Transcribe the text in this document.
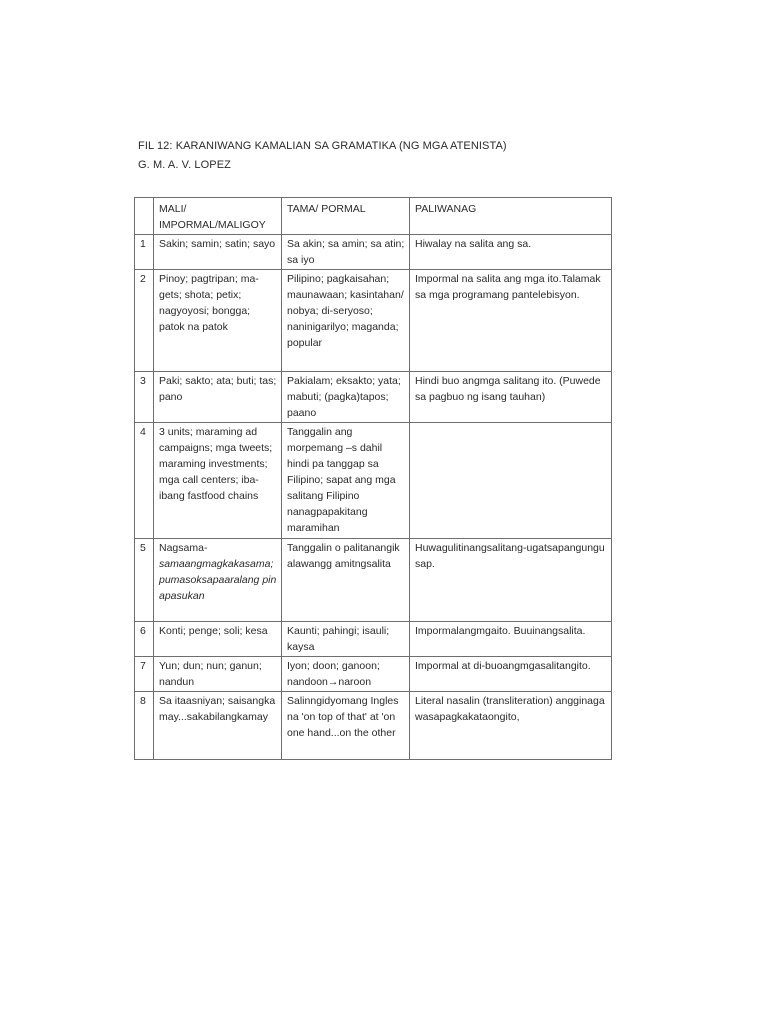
FIL 12: KARANIWANG KAMALIAN SA GRAMATIKA (NG MGA ATENISTA)
G. M. A. V. LOPEZ
	MALI/ IMPORMAL/MALIGOY	TAMA/ PORMAL	PALIWANAG
1	Sakin; samin; satin; sayo	Sa akin; sa amin; sa atin; sa iyo	Hiwalay na salita ang sa.
2	Pinoy; pagtripan; ma-gets; shota; petix; nagyoyosi; bongga; patok na patok	Pilipino; pagkaisahan; maunawaan; kasintahan/ nobya; di-seryoso; naninigarilyo; maganda; popular	Impormal na salita ang mga ito.Talamak sa mga programang pantelebisyon.
3	Paki; sakto; ata; buti; tas; pano	Pakialam; eksakto; yata; mabuti; (pagka)tapos; paano	Hindi buo angmga salitang ito. (Puwede sa pagbuo ng isang tauhan)
4	3 units; maraming ad campaigns; mga tweets; maraming investments; mga call centers; iba-ibang fastfood chains	Tanggalin ang morpemang –s dahil hindi pa tanggap sa Filipino; sapat ang mga salitang Filipino nanagpapakitang maramihan	
5	Nagsama-
samaangmagkakasama;
pumasoksapaaralang pinapasukan	Tanggalin o palitanangikalawangg amitngsalita	Huwagulitinangsalitang-ugatsapangungusap.
6	Konti; penge; soli; kesa	Kaunti; pahingi; isauli; kaysa	Impormalangmgaito. Buuinangsalita.
7	Yun; dun; nun; ganun; nandun	Iyon; doon; ganoon; nandoon→naroon	Impormal at di-buoangmgasalitangito.
8	Sa itaasniyan; saisangkamay...sakabilangkamay	Salinngidyomang Ingles na 'on top of that' at 'on one hand...on the other	Literal nasalin (transliteration) angginagawasapagkakataongito,
